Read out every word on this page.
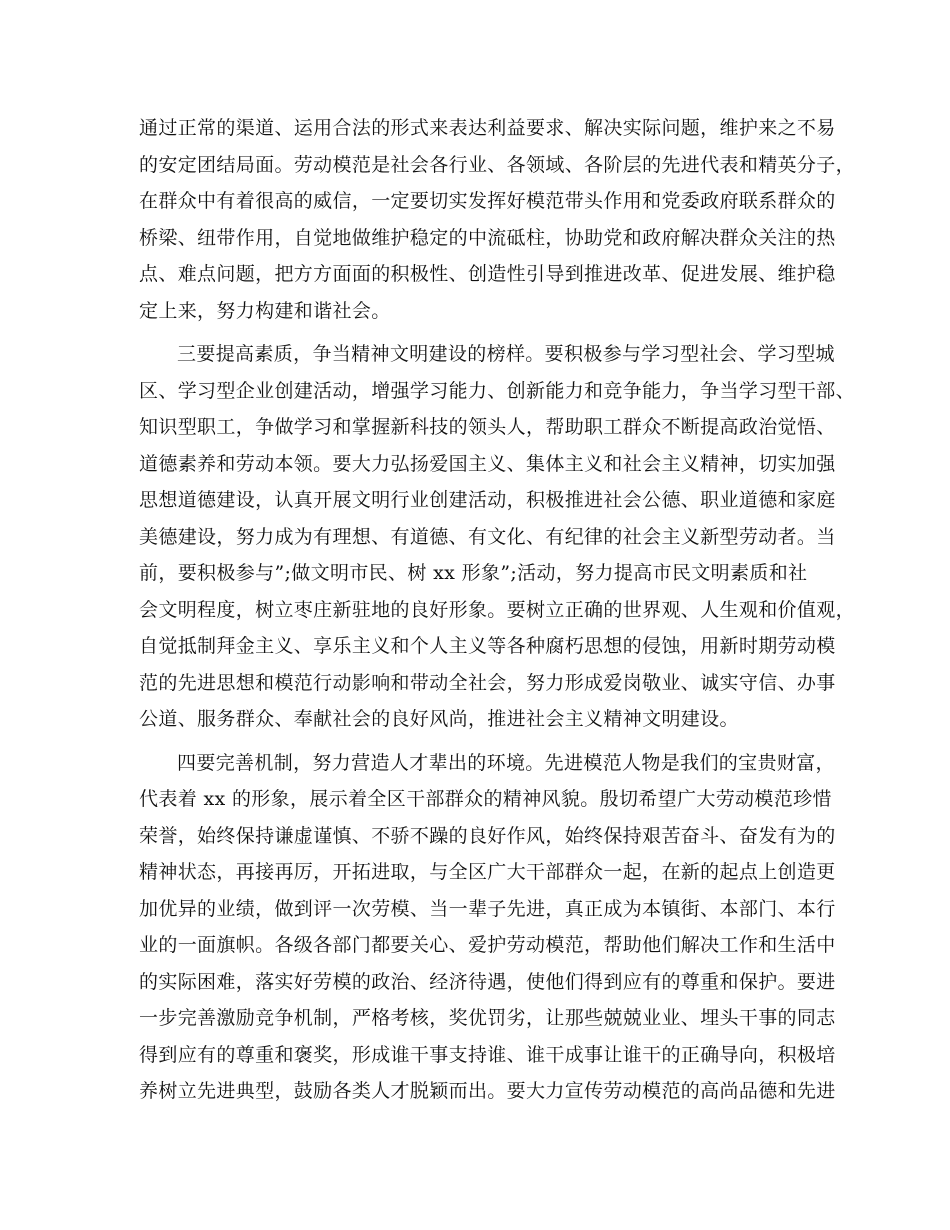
通过正常的渠道、运用合法的形式来表达利益要求、解决实际问题，维护来之不易
的安定团结局面。劳动模范是社会各行业、各领域、各阶层的先进代表和精英分子，
在群众中有着很高的威信，一定要切实发挥好模范带头作用和党委政府联系群众的
桥梁、纽带作用，自觉地做维护稳定的中流砥柱，协助党和政府解决群众关注的热
点、难点问题，把方方面面的积极性、创造性引导到推进改革、促进发展、维护稳
定上来，努力构建和谐社会。
三要提高素质，争当精神文明建设的榜样。要积极参与学习型社会、学习型城
区、学习型企业创建活动，增强学习能力、创新能力和竞争能力，争当学习型干部、
知识型职工，争做学习和掌握新科技的领头人，帮助职工群众不断提高政治觉悟、
道德素养和劳动本领。要大力弘扬爱国主义、集体主义和社会主义精神，切实加强
思想道德建设，认真开展文明行业创建活动，积极推进社会公德、职业道德和家庭
美德建设，努力成为有理想、有道德、有文化、有纪律的社会主义新型劳动者。当
前，要积极参与”;做文明市民、树 xx 形象”;活动，努力提高市民文明素质和社
会文明程度，树立枣庄新驻地的良好形象。要树立正确的世界观、人生观和价值观，
自觉抵制拜金主义、享乐主义和个人主义等各种腐朽思想的侵蚀，用新时期劳动模
范的先进思想和模范行动影响和带动全社会，努力形成爱岗敬业、诚实守信、办事
公道、服务群众、奉献社会的良好风尚，推进社会主义精神文明建设。
四要完善机制，努力营造人才辈出的环境。先进模范人物是我们的宝贵财富，
代表着 xx 的形象，展示着全区干部群众的精神风貌。殷切希望广大劳动模范珍惜
荣誉，始终保持谦虚谨慎、不骄不躁的良好作风，始终保持艰苦奋斗、奋发有为的
精神状态，再接再厉，开拓进取，与全区广大干部群众一起，在新的起点上创造更
加优异的业绩，做到评一次劳模、当一辈子先进，真正成为本镇街、本部门、本行
业的一面旗帜。各级各部门都要关心、爱护劳动模范，帮助他们解决工作和生活中
的实际困难，落实好劳模的政治、经济待遇，使他们得到应有的尊重和保护。要进
一步完善激励竞争机制，严格考核，奖优罚劣，让那些兢兢业业、埋头干事的同志
得到应有的尊重和褒奖，形成谁干事支持谁、谁干成事让谁干的正确导向，积极培
养树立先进典型，鼓励各类人才脱颖而出。要大力宣传劳动模范的高尚品德和先进
